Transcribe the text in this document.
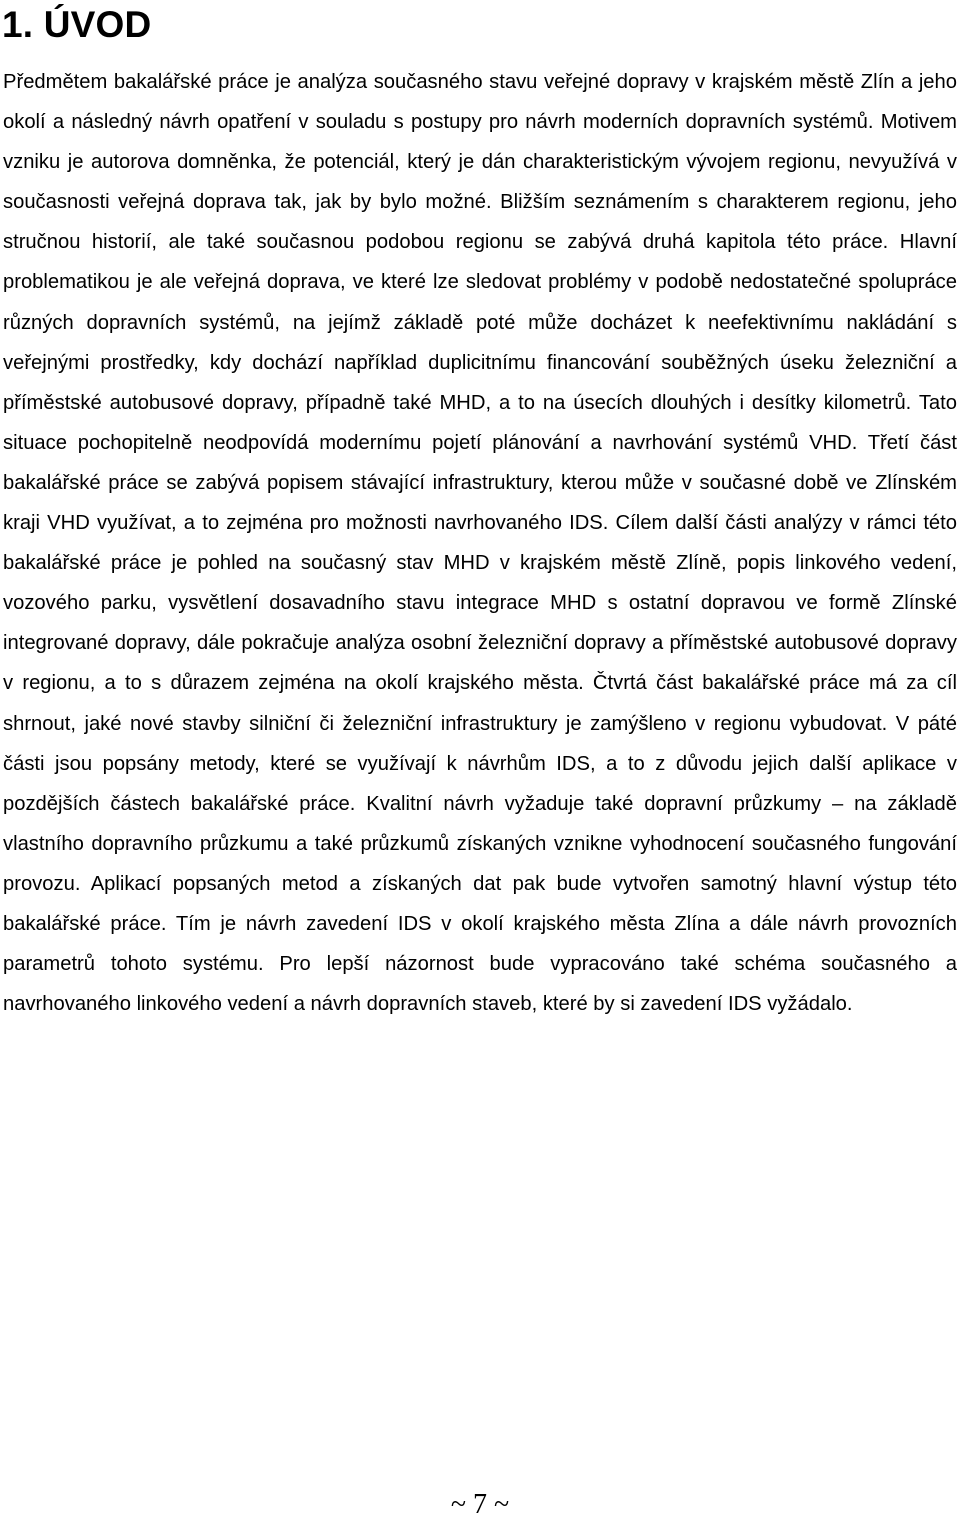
1. ÚVOD

Předmětem bakalářské práce je analýza současného stavu veřejné dopravy v krajském městě Zlín a jeho okolí a následný návrh opatření v souladu s postupy pro návrh moderních dopravních systémů. Motivem vzniku je autorova domněnka, že potenciál, který je dán charakteristickým vývojem regionu, nevyužívá v současnosti veřejná doprava tak, jak by bylo možné. Bližším seznámením s charakterem regionu, jeho stručnou historií, ale také současnou podobou regionu se zabývá druhá kapitola této práce. Hlavní problematikou je ale veřejná doprava, ve které lze sledovat problémy v podobě nedostatečné spolupráce různých dopravních systémů, na jejímž základě poté může docházet k neefektivnímu nakládání s veřejnými prostředky, kdy dochází například duplicitnímu financování souběžných úseku železniční a příměstské autobusové dopravy, případně také MHD, a to na úsecích dlouhých i desítky kilometrů. Tato situace pochopitelně neodpovídá modernímu pojetí plánování a navrhování systémů VHD. Třetí část bakalářské práce se zabývá popisem stávající infrastruktury, kterou může v současné době ve Zlínském kraji VHD využívat, a to zejména pro možnosti navrhovaného IDS. Cílem další části analýzy v rámci této bakalářské práce je pohled na současný stav MHD v krajském městě Zlíně, popis linkového vedení, vozového parku, vysvětlení dosavadního stavu integrace MHD s ostatní dopravou ve formě Zlínské integrované dopravy, dále pokračuje analýza osobní železniční dopravy a příměstské autobusové dopravy v regionu, a to s důrazem zejména na okolí krajského města. Čtvrtá část bakalářské práce má za cíl shrnout, jaké nové stavby silniční či železniční infrastruktury je zamýšleno v regionu vybudovat. V páté části jsou popsány metody, které se využívají k návrhům IDS, a to z důvodu jejich další aplikace v pozdějších částech bakalářské práce. Kvalitní návrh vyžaduje také dopravní průzkumy – na základě vlastního dopravního průzkumu a také průzkumů získaných vznikne vyhodnocení současného fungování provozu. Aplikací popsaných metod a získaných dat pak bude vytvořen samotný hlavní výstup této bakalářské práce. Tím je návrh zavedení IDS v okolí krajského města Zlína a dále návrh provozních parametrů tohoto systému. Pro lepší názornost bude vypracováno také schéma současného a navrhovaného linkového vedení a návrh dopravních staveb, které by si zavedení IDS vyžádalo.

~ 7 ~
